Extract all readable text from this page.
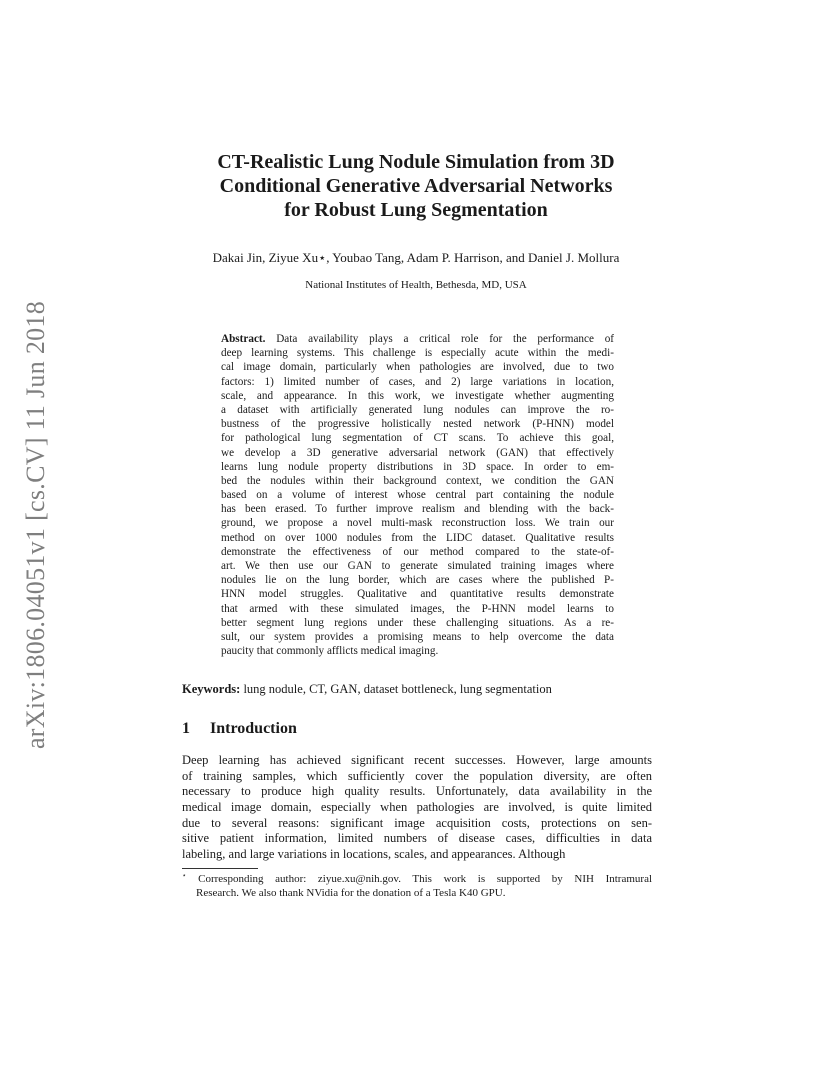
arXiv:1806.04051v1 [cs.CV] 11 Jun 2018
CT-Realistic Lung Nodule Simulation from 3D
Conditional Generative Adversarial Networks
for Robust Lung Segmentation
Dakai Jin, Ziyue Xu⋆, Youbao Tang, Adam P. Harrison, and Daniel J. Mollura
National Institutes of Health, Bethesda, MD, USA
Abstract. Data availability plays a critical role for the performance of
deep learning systems. This challenge is especially acute within the medi-
cal image domain, particularly when pathologies are involved, due to two
factors: 1) limited number of cases, and 2) large variations in location,
scale, and appearance. In this work, we investigate whether augmenting
a dataset with artificially generated lung nodules can improve the ro-
bustness of the progressive holistically nested network (P-HNN) model
for pathological lung segmentation of CT scans. To achieve this goal,
we develop a 3D generative adversarial network (GAN) that effectively
learns lung nodule property distributions in 3D space. In order to em-
bed the nodules within their background context, we condition the GAN
based on a volume of interest whose central part containing the nodule
has been erased. To further improve realism and blending with the back-
ground, we propose a novel multi-mask reconstruction loss. We train our
method on over 1000 nodules from the LIDC dataset. Qualitative results
demonstrate the effectiveness of our method compared to the state-of-
art. We then use our GAN to generate simulated training images where
nodules lie on the lung border, which are cases where the published P-
HNN model struggles. Qualitative and quantitative results demonstrate
that armed with these simulated images, the P-HNN model learns to
better segment lung regions under these challenging situations. As a re-
sult, our system provides a promising means to help overcome the data
paucity that commonly afflicts medical imaging.
Keywords: lung nodule, CT, GAN, dataset bottleneck, lung segmentation
1 Introduction
Deep learning has achieved significant recent successes. However, large amounts
of training samples, which sufficiently cover the population diversity, are often
necessary to produce high quality results. Unfortunately, data availability in the
medical image domain, especially when pathologies are involved, is quite limited
due to several reasons: significant image acquisition costs, protections on sen-
sitive patient information, limited numbers of disease cases, difficulties in data
labeling, and large variations in locations, scales, and appearances. Although
⋆ Corresponding author: ziyue.xu@nih.gov. This work is supported by NIH Intramural
Research. We also thank NVidia for the donation of a Tesla K40 GPU.
